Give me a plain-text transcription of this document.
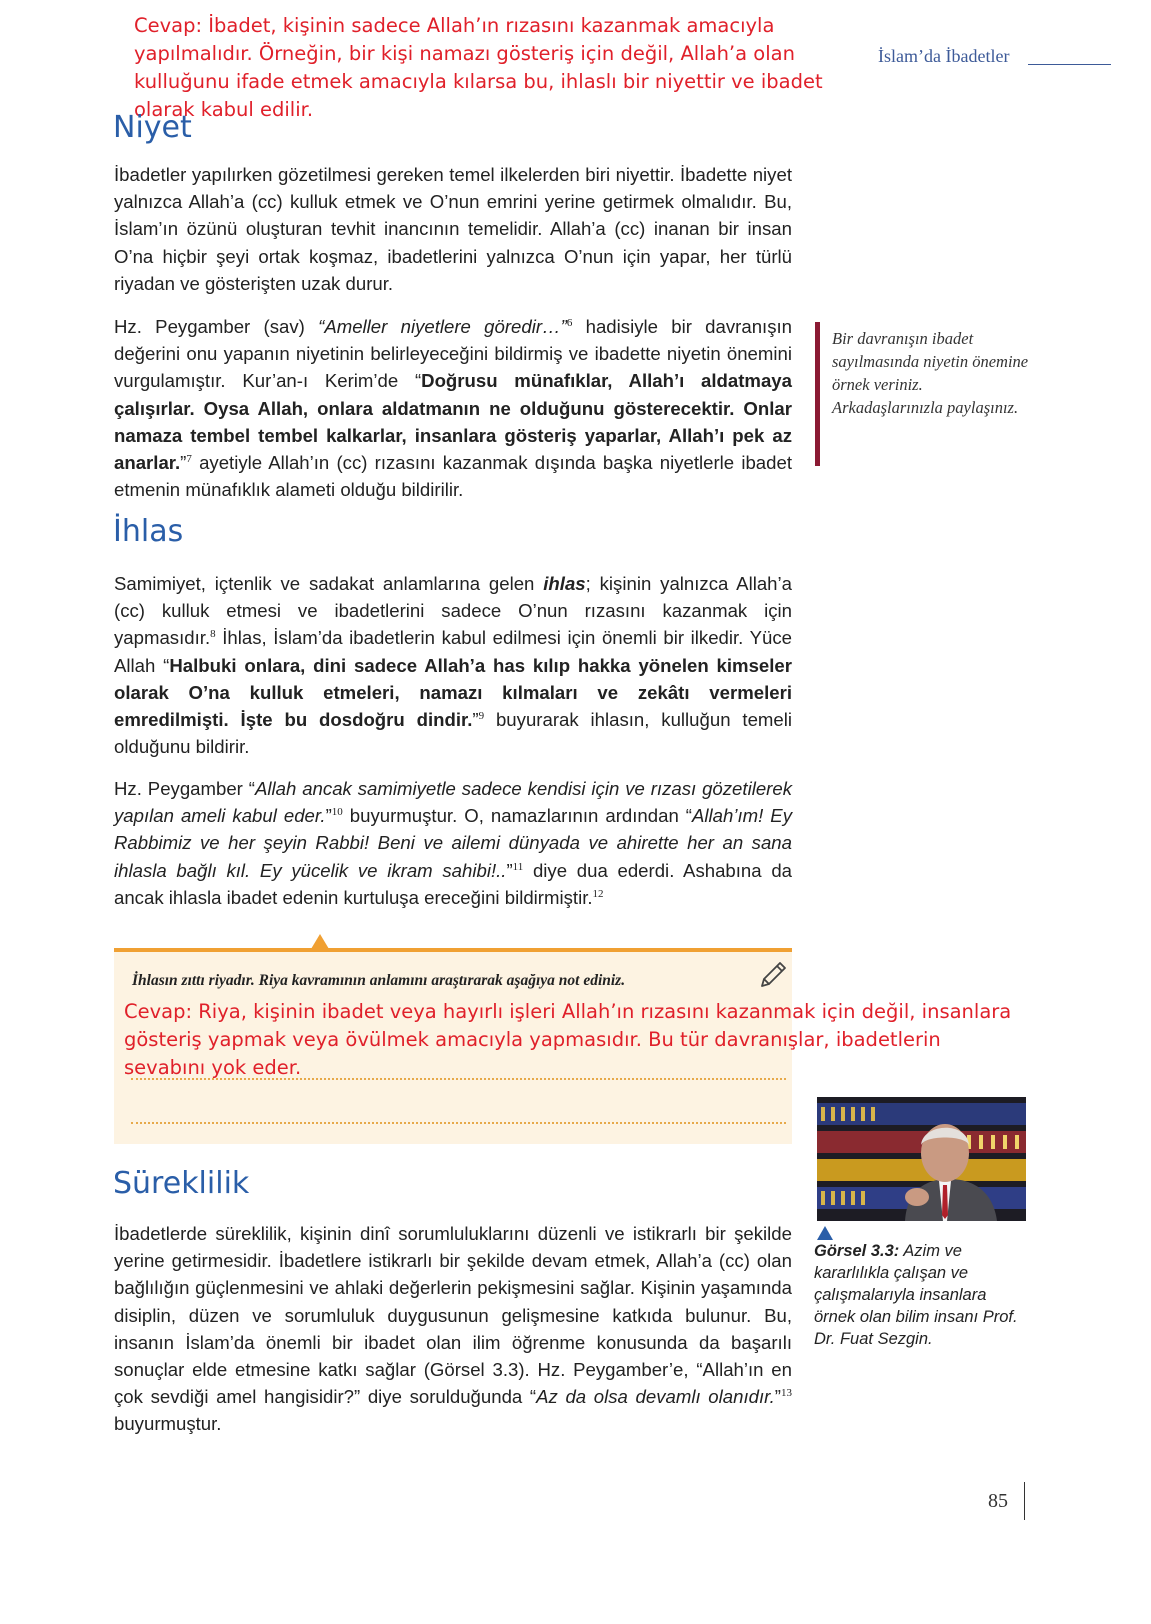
İslam’da İbadetler
Cevap: İbadet, kişinin sadece Allah’ın rızasını kazanmak amacıyla yapılmalıdır. Örneğin, bir kişi namazı gösteriş için değil, Allah’a olan kulluğunu ifade etmek amacıyla kılarsa bu, ihlaslı bir niyettir ve ibadet olarak kabul edilir.
Niyet
İbadetler yapılırken gözetilmesi gereken temel ilkelerden biri niyettir. İbadette niyet yalnızca Allah’a (cc) kulluk etmek ve O’nun emrini yerine getirmek olmalıdır. Bu, İslam’ın özünü oluşturan tevhit inancının temelidir. Allah’a (cc) inanan bir insan O’na hiçbir şeyi ortak koşmaz, ibadetlerini yalnızca O’nun için yapar, her türlü riyadan ve gösterişten uzak durur.
Hz. Peygamber (sav) “Ameller niyetlere göredir…”$^6$ hadisiyle bir davranışın değerini onu yapanın niyetinin belirleyeceğini bildirmiş ve ibadette niyetin önemini vurgulamıştır. Kur’an-ı Kerim’de “Doğrusu münafıklar, Allah’ı aldatmaya çalışırlar. Oysa Allah, onlara aldatmanın ne olduğunu gösterecektir. Onlar namaza tembel tembel kalkarlar, insanlara gösteriş yaparlar, Allah’ı pek az anarlar.”$^7$ ayetiyle Allah’ın (cc) rızasını kazanmak dışında başka niyetlerle ibadet etmenin münafıklık alameti olduğu bildirilir.
Bir davranışın ibadet sayılmasında niyetin önemine örnek veriniz. Arkadaşlarınızla paylaşınız.
İhlas
Samimiyet, içtenlik ve sadakat anlamlarına gelen ihlas; kişinin yalnızca Allah’a (cc) kulluk etmesi ve ibadetlerini sadece O’nun rızasını kazanmak için yapmasıdır.$^8$ İhlas, İslam’da ibadetlerin kabul edilmesi için önemli bir ilkedir. Yüce Allah “Halbuki onlara, dini sadece Allah’a has kılıp hakka yönelen kimseler olarak O’na kulluk etmeleri, namazı kılmaları ve zekâtı vermeleri emredilmişti. İşte bu dosdoğru dindir.”$^9$ buyurarak ihlasın, kulluğun temeli olduğunu bildirir.
Hz. Peygamber “Allah ancak samimiyetle sadece kendisi için ve rızası gözetilerek yapılan ameli kabul eder.”$^{10}$ buyurmuştur. O, namazlarının ardından “Allah’ım! Ey Rabbimiz ve her şeyin Rabbi! Beni ve ailemi dünyada ve ahirette her an sana ihlasla bağlı kıl. Ey yücelik ve ikram sahibi!..”$^{11}$ diye dua ederdi. Ashabına da ancak ihlasla ibadet edenin kurtuluşa ereceğini bildirmiştir.$^{12}$
İhlasın zıttı riyadır. Riya kavramının anlamını araştırarak aşağıya not ediniz.
Cevap: Riya, kişinin ibadet veya hayırlı işleri Allah’ın rızasını kazanmak için değil, insanlara gösteriş yapmak veya övülmek amacıyla yapmasıdır. Bu tür davranışlar, ibadetlerin sevabını yok eder.
Görsel 3.3: Azim ve kararlılıkla çalışan ve çalışmalarıyla insanlara örnek olan bilim insanı Prof. Dr. Fuat Sezgin.
Süreklilik
İbadetlerde süreklilik, kişinin dinî sorumluluklarını düzenli ve istikrarlı bir şekilde yerine getirmesidir. İbadetlere istikrarlı bir şekilde devam etmek, Allah’a (cc) olan bağlılığın güçlenmesini ve ahlaki değerlerin pekişmesini sağlar. Kişinin yaşamında disiplin, düzen ve sorumluluk duygusunun gelişmesine katkıda bulunur. Bu, insanın İslam’da önemli bir ibadet olan ilim öğrenme konusunda da başarılı sonuçlar elde etmesine katkı sağlar (Görsel 3.3). Hz. Peygamber’e, “Allah’ın en çok sevdiği amel hangisidir?” diye sorulduğunda “Az da olsa devamlı olanıdır.”$^{13}$ buyurmuştur.
85
